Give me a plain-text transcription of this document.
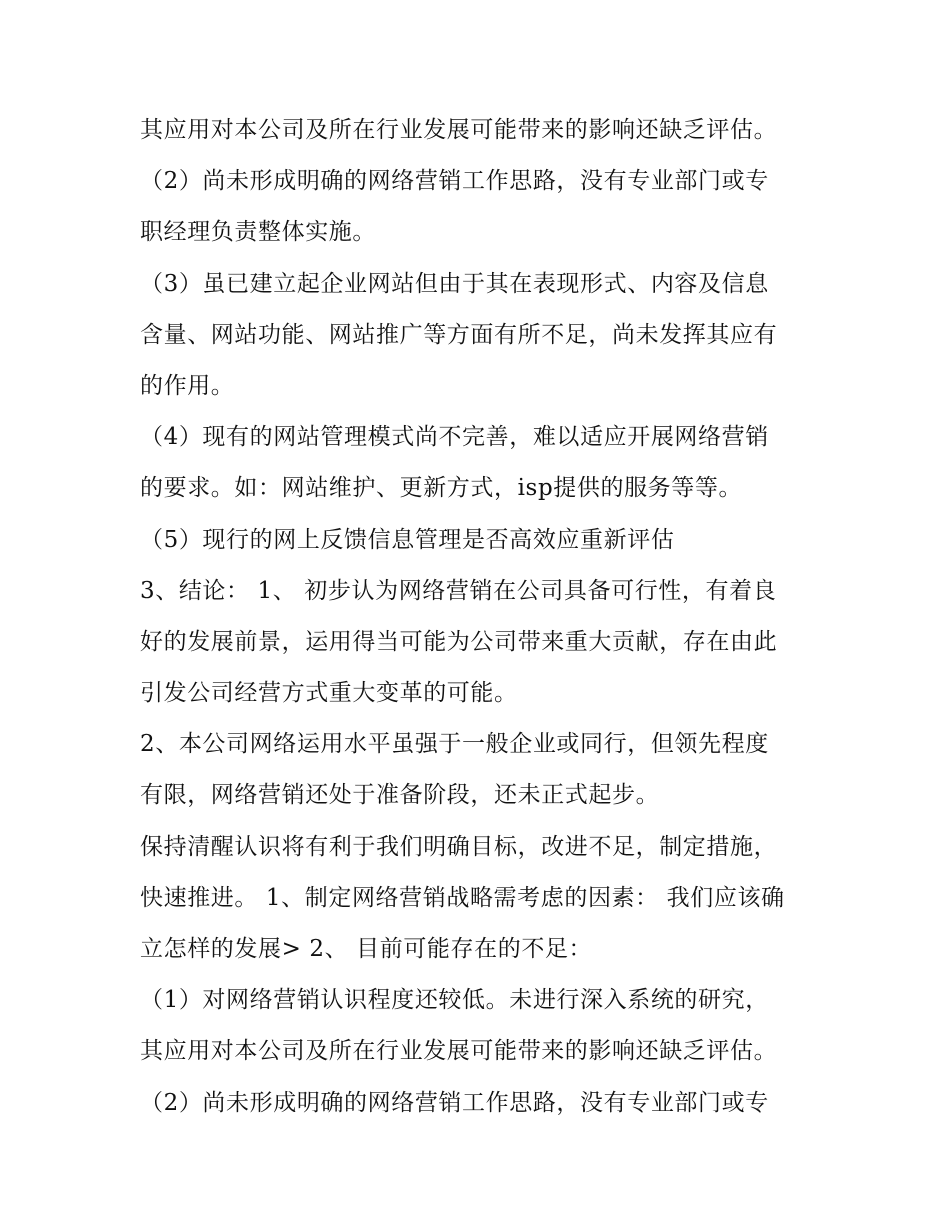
其应用对本公司及所在行业发展可能带来的影响还缺乏评估。
（2）尚未形成明确的网络营销工作思路，没有专业部门或专
职经理负责整体实施。
（3）虽已建立起企业网站但由于其在表现形式、内容及信息
含量、网站功能、网站推广等方面有所不足，尚未发挥其应有
的作用。
（4）现有的网站管理模式尚不完善，难以适应开展网络营销
的要求。如：网站维护、更新方式，isp提供的服务等等。
（5）现行的网上反馈信息管理是否高效应重新评估
3、结论： 1、 初步认为网络营销在公司具备可行性，有着良
好的发展前景，运用得当可能为公司带来重大贡献，存在由此
引发公司经营方式重大变革的可能。
2、本公司网络运用水平虽强于一般企业或同行，但领先程度
有限，网络营销还处于准备阶段，还未正式起步。
保持清醒认识将有利于我们明确目标，改进不足，制定措施，
快速推进。 1、制定网络营销战略需考虑的因素： 我们应该确
立怎样的发展> 2、 目前可能存在的不足：
（1）对网络营销认识程度还较低。未进行深入系统的研究，
其应用对本公司及所在行业发展可能带来的影响还缺乏评估。
（2）尚未形成明确的网络营销工作思路，没有专业部门或专
